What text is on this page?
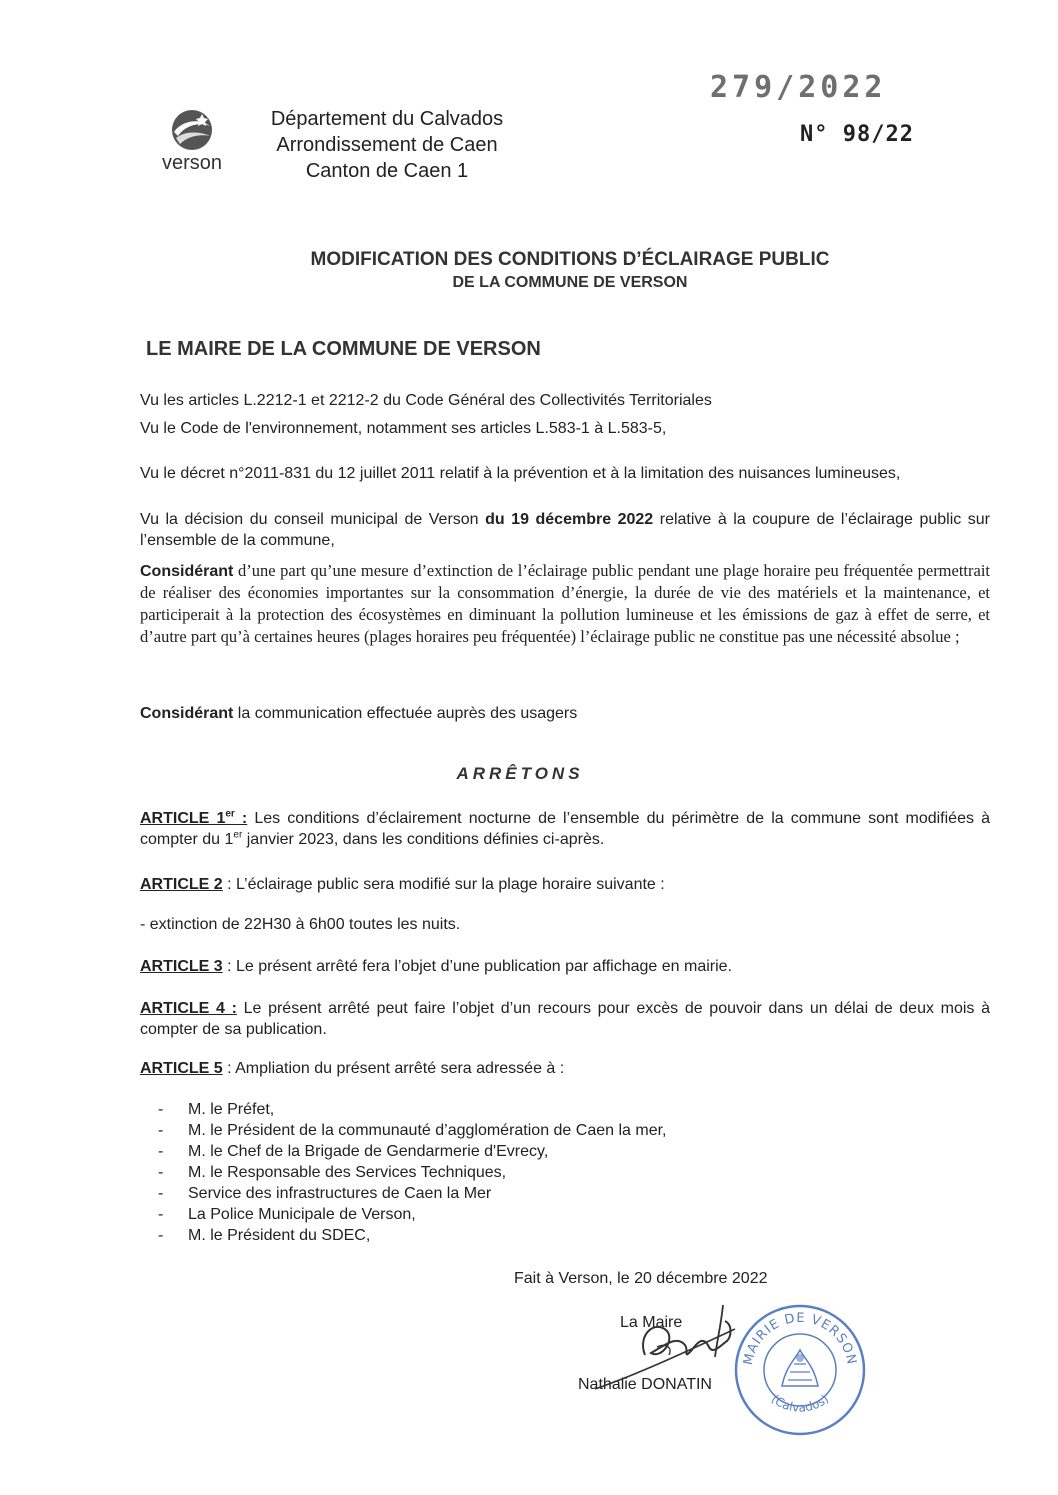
279/2022
N° 98/22
verson
Département du Calvados
Arrondissement de Caen
Canton de Caen 1
MODIFICATION DES CONDITIONS D’ÉCLAIRAGE PUBLIC
DE LA COMMUNE DE VERSON
LE MAIRE DE LA COMMUNE DE VERSON
Vu les articles L.2212-1 et 2212-2 du Code Général des Collectivités Territoriales
Vu le Code de l'environnement, notamment ses articles L.583-1 à L.583-5,
Vu le décret n°2011-831 du 12 juillet 2011 relatif à la prévention et à la limitation des nuisances lumineuses,
Vu la décision du conseil municipal de Verson du 19 décembre 2022 relative à la coupure de l’éclairage public sur l’ensemble de la commune,
Considérant d’une part qu’une mesure d’extinction de l’éclairage public pendant une plage horaire peu fréquentée permettrait de réaliser des économies importantes sur la consommation d’énergie, la durée de vie des matériels et la maintenance, et participerait à la protection des écosystèmes en diminuant la pollution lumineuse et les émissions de gaz à effet de serre, et d’autre part qu’à certaines heures (plages horaires peu fréquentée) l’éclairage public ne constitue pas une nécessité absolue ;
Considérant la communication effectuée auprès des usagers
ARRÊTONS
ARTICLE 1er : Les conditions d’éclairement nocturne de l’ensemble du périmètre de la commune sont modifiées à compter du 1er janvier 2023, dans les conditions définies ci-après.
ARTICLE 2 : L’éclairage public sera modifié sur la plage horaire suivante :
- extinction de 22H30 à 6h00 toutes les nuits.
ARTICLE 3 : Le présent arrêté fera l’objet d’une publication par affichage en mairie.
ARTICLE 4 : Le présent arrêté peut faire l’objet d’un recours pour excès de pouvoir dans un délai de deux mois à compter de sa publication.
ARTICLE 5 : Ampliation du présent arrêté sera adressée à :
- M. le Préfet,
- M. le Président de la communauté d’agglomération de Caen la mer,
- M. le Chef de la Brigade de Gendarmerie d'Evrecy,
- M. le Responsable des Services Techniques,
- Service des infrastructures de Caen la Mer
- La Police Municipale de Verson,
- M. le Président du SDEC,
Fait à Verson, le 20 décembre 2022
La Maire
Nathalie DONATIN
MAIRIE DE VERSON
(Calvados)
